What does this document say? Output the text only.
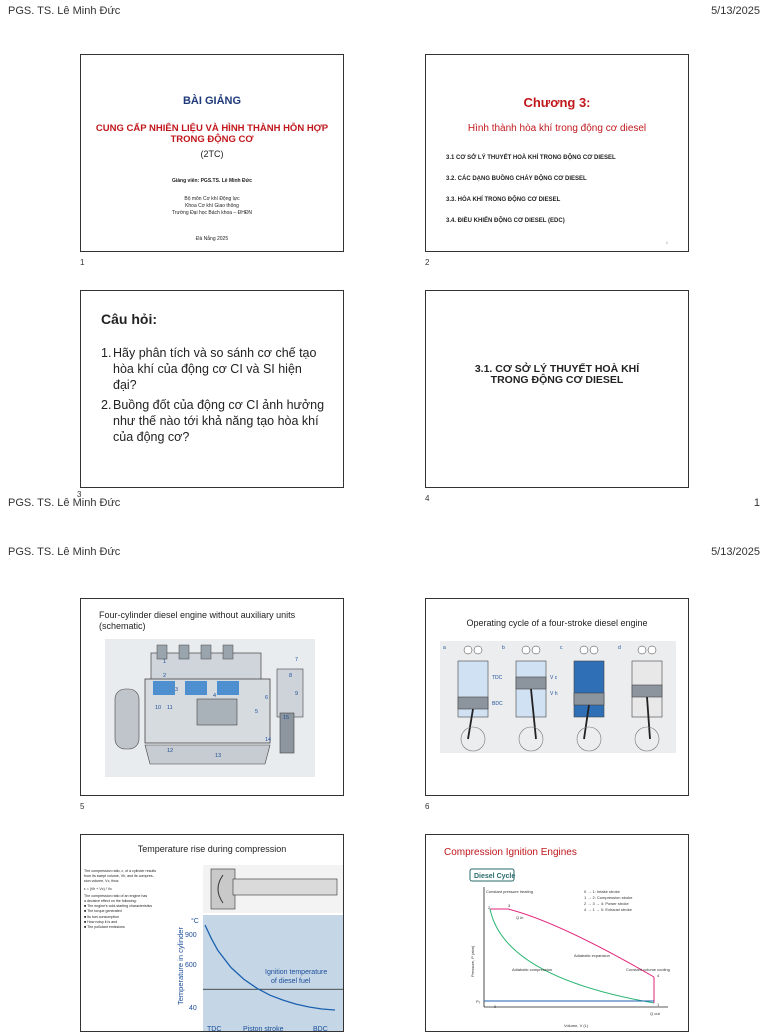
PGS. TS. Lê Minh Đức	5/13/2025
BÀI GIẢNG
CUNG CẤP NHIÊN LIỆU VÀ HÌNH THÀNH HỖN HỢP TRONG ĐỘNG CƠ
(2TC)
Giảng viên: PGS.TS. Lê Minh Đức
Bộ môn Cơ khí Động lực
Khoa Cơ khí Giao thông
Trường Đại học Bách khoa – ĐHĐN
Đà Nẵng 2025
1
Chương 3:
Hình thành hòa khí trong động cơ diesel
3.1 CƠ SỞ LÝ THUYẾT HOÀ KHÍ TRONG ĐỘNG CƠ DIESEL
3.2. CÁC DẠNG BUỒNG CHÁY ĐỘNG CƠ DIESEL
3.3. HÒA KHÍ TRONG ĐỘNG CƠ DIESEL
3.4. ĐIỀU KHIỂN ĐỘNG CƠ DIESEL (EDC)
2
2
Câu hỏi:
1. Hãy phân tích và so sánh cơ chế tạo hòa khí của động cơ CI và SI hiện đại?
2. Buồng đốt của động cơ CI ảnh hưởng như thế nào tới khả năng tạo hòa khí của động cơ?
3.1. CƠ SỞ LÝ THUYẾT HOÀ KHÍ TRONG ĐỘNG CƠ DIESEL
4
PGS. TS. Lê Minh Đức
3
1
PGS. TS. Lê Minh Đức	5/13/2025
Four-cylinder diesel engine without auxiliary units (schematic)
1
2
3
4
5
6
7
8
9
10 11
12
13
14
15
5
Operating cycle of a four-stroke diesel engine
a	b	c	d
TDC
BDC
V c
V h
6
Temperature rise during compression
The compression ratio, ε, of a cylinder results
from its swept volume, Vh, and its compres-
sion volume, Vc, thus:
ε = (Vh + Vc) / Vc
The compression ratio of an engine has
a decisive effect on the following:
■ The engine's cold-starting characteristics
■ The torque generated
■ Its fuel consumption
■ How noisy it is and
■ The pollutant emissions
°C
900
600
40
Temperature in cylinder	Ignition temperature
of diesel fuel
TDC	Piston stroke	BDC
Compression Ignition Engines
Diesel Cycle
0 → 1: Intake stroke
1 → 2: Compression stroke
2 → 3 → 4: Power stroke
4 → 1 → 0: Exhaust stroke
Constant pressure heating
Adiabatic expansion
Adiabatic compression	Constant volume cooling
Volume, V (L)
Pressure, P (atm)
P₀
0	1
2	3
4
Q in
Q out
